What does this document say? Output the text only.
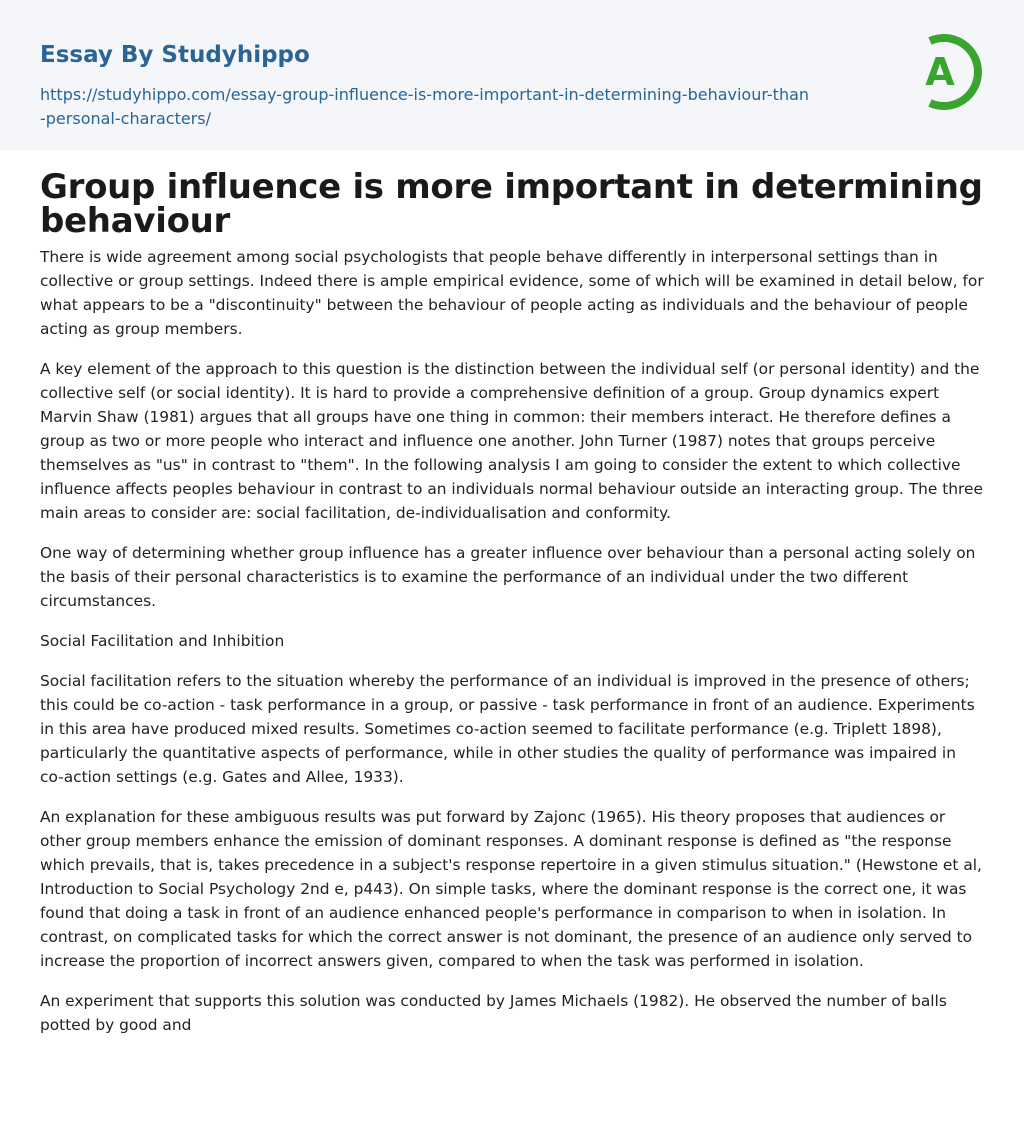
Essay By Studyhippo
https://studyhippo.com/essay-group-influence-is-more-important-in-determining-behaviour-than-personal-characters/
A
Group influence is more important in determining behaviour

There is wide agreement among social psychologists that people behave differently in interpersonal settings than in collective or group settings. Indeed there is ample empirical evidence, some of which will be examined in detail below, for what appears to be a "discontinuity" between the behaviour of people acting as individuals and the behaviour of people acting as group members.

A key element of the approach to this question is the distinction between the individual self (or personal identity) and the collective self (or social identity). It is hard to provide a comprehensive definition of a group. Group dynamics expert Marvin Shaw (1981) argues that all groups have one thing in common: their members interact. He therefore defines a group as two or more people who interact and influence one another. John Turner (1987) notes that groups perceive themselves as "us" in contrast to "them". In the following analysis I am going to consider the extent to which collective influence affects peoples behaviour in contrast to an individuals normal behaviour outside an interacting group. The three main areas to consider are: social facilitation, de-individualisation and conformity.

One way of determining whether group influence has a greater influence over behaviour than a personal acting solely on the basis of their personal characteristics is to examine the performance of an individual under the two different circumstances.

Social Facilitation and Inhibition

Social facilitation refers to the situation whereby the performance of an individual is improved in the presence of others; this could be co-action - task performance in a group, or passive - task performance in front of an audience. Experiments in this area have produced mixed results. Sometimes co-action seemed to facilitate performance (e.g. Triplett 1898), particularly the quantitative aspects of performance, while in other studies the quality of performance was impaired in co-action settings (e.g. Gates and Allee, 1933).

An explanation for these ambiguous results was put forward by Zajonc (1965). His theory proposes that audiences or other group members enhance the emission of dominant responses. A dominant response is defined as "the response which prevails, that is, takes precedence in a subject's response repertoire in a given stimulus situation." (Hewstone et al, Introduction to Social Psychology 2nd e, p443). On simple tasks, where the dominant response is the correct one, it was found that doing a task in front of an audience enhanced people's performance in comparison to when in isolation. In contrast, on complicated tasks for which the correct answer is not dominant, the presence of an audience only served to increase the proportion of incorrect answers given, compared to when the task was performed in isolation.

An experiment that supports this solution was conducted by James Michaels (1982). He observed the number of balls potted by good and
